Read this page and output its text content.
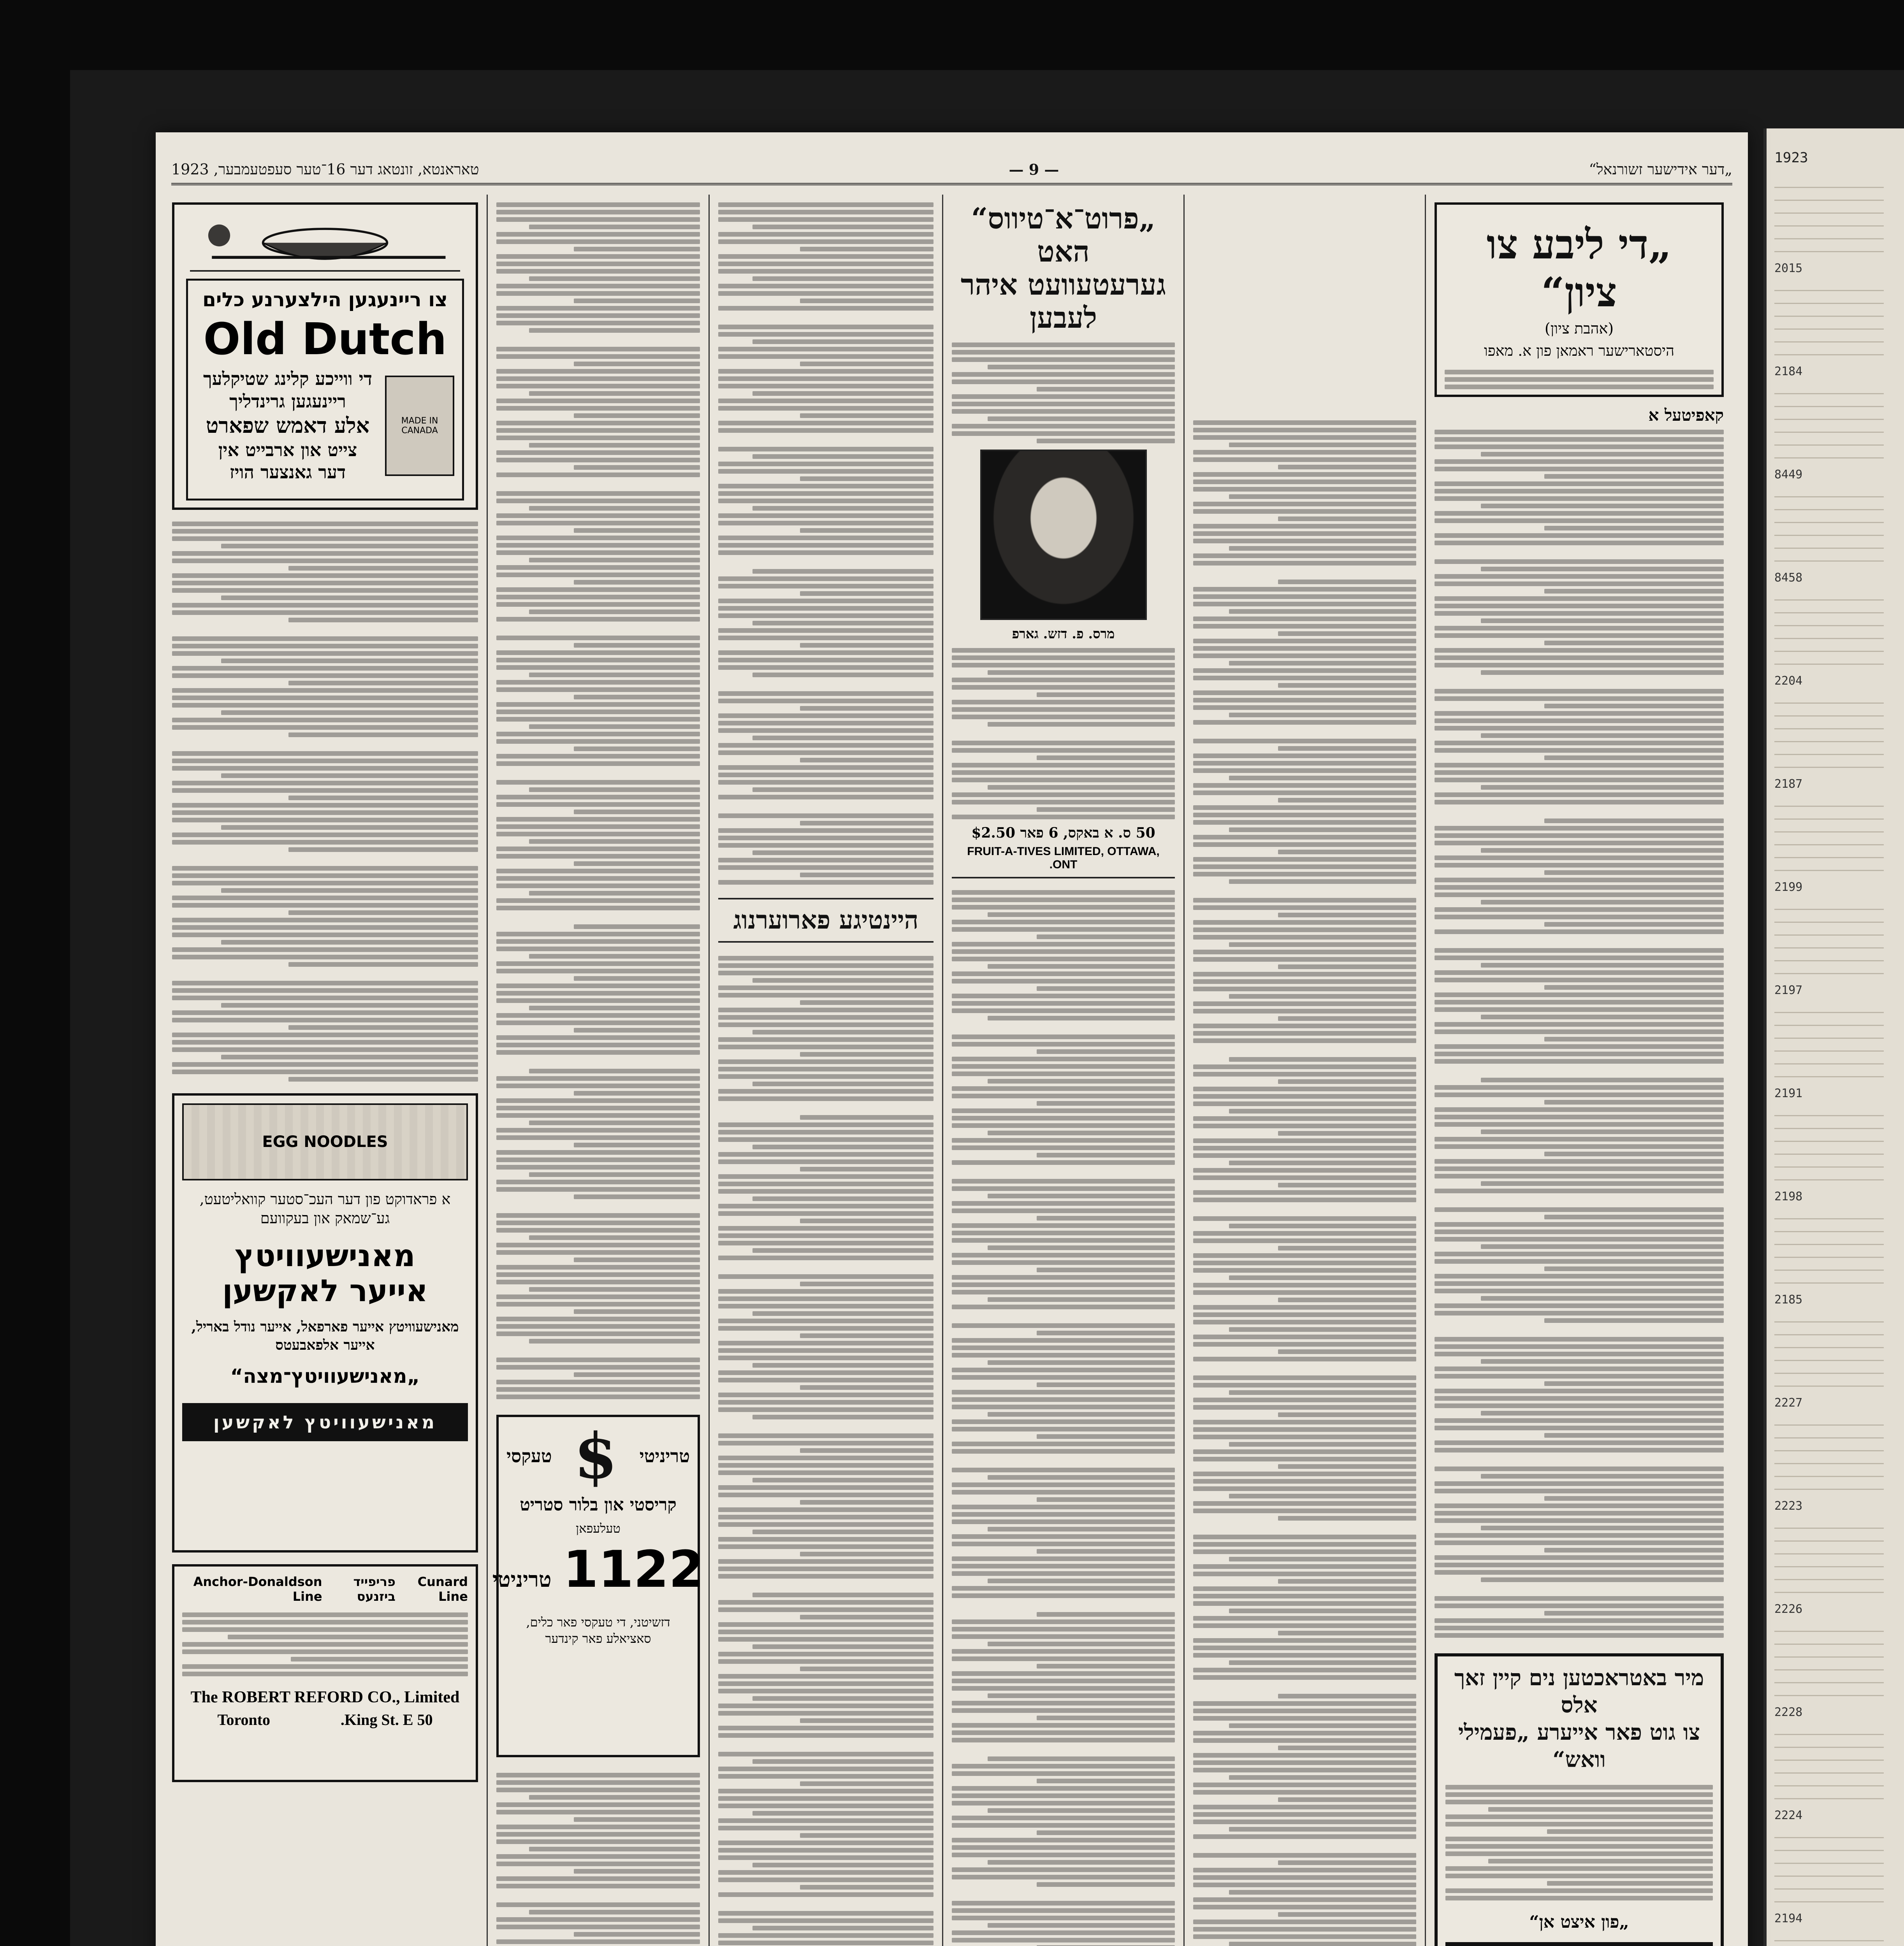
1923
2015
2184
8449
8458
2204
2187
2199
2197
2191
2198
2185
2227
2223
2226
2228
2224
2194
„דער אידישער זשורנאל“
— 9 —
טאראנטא, זונטאג דער 16־טער סעפטעמבער, 1923
צו ריינעגען הילצערנע כלים
Old Dutch
MADE IN CANADA
די ווייכע קלינג שטיקלעך
ריינעגען גרינדליך
אלע דאמש שפארט
צייט און ארבייט אין
דער גאנצער הויז
EGG NOODLES
א פראדוקט פון דער העכ־סטער קוואליטעט, גע־שמאק און בעקוועם
מאנישעוויטץ
אייער לאקשען
מאנישעוויטץ אייער פארפאל, אייער נודל באריל, אייער אלפאבעטס
„מאנישעוויטץ־מצה“
מאנישעוויטץ לאקשען
Cunard Line
פריפייד ביזנעס
Anchor-Donaldson Line
The ROBERT REFORD CO., Limited
50 King St. E.
Toronto
טריניטי
$
טעקסי
קריסטי און בלור סטריט
טעלעפאן
1122
טריניטי
דזשיטני, די טעקסי פאר כלים, סאציאלע פאר קינדער
היינטיגע פארוערנוג
„פרוט־א־טיווס“ האט
גערעטעוועט איהר לעבען
מרס. פ. דזש. גארפ
50 ס. א באקס, 6 פאר $2.50
FRUIT-A-TIVES LIMITED, OTTAWA, ONT.
„די ליבע צו ציון“
(אהבת ציון)
היסטארישער ראמאן פון א. מאפו
קאפיטעל א
מיר באטראכטען נים קיין זאך אלס
צו גוט פאר אייערע „פעמילי וואש“
„פון איצט אן“
